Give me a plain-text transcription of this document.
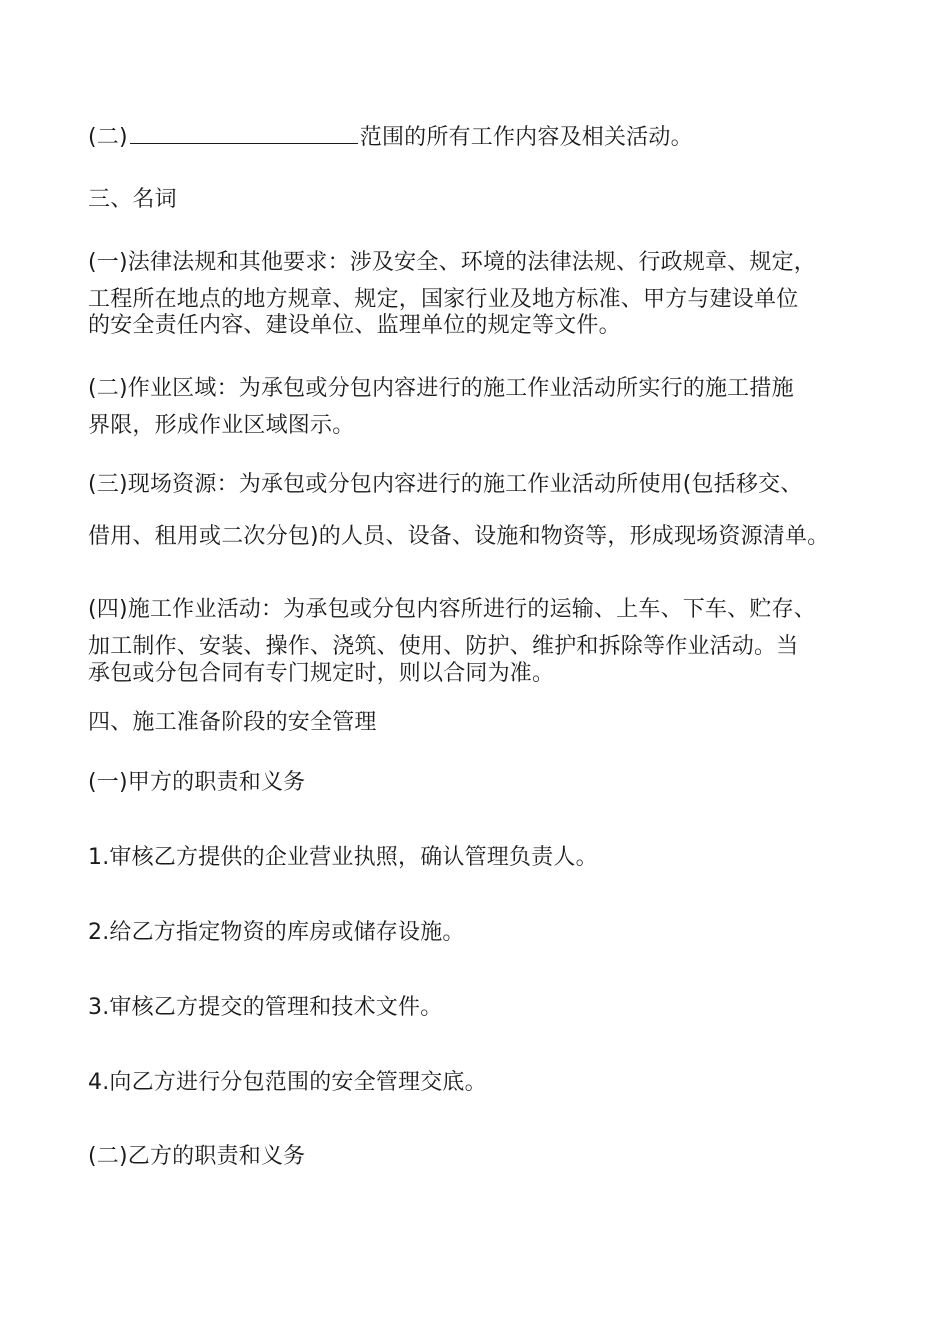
(二)	范围的所有工作内容及相关活动。

三、名词

(一)法律法规和其他要求：涉及安全、环境的法律法规、行政规章、规定，

工程所在地点的地方规章、规定，国家行业及地方标准、甲方与建设单位

的安全责任内容、建设单位、监理单位的规定等文件。

(二)作业区域：为承包或分包内容进行的施工作业活动所实行的施工措施

界限，形成作业区域图示。

(三)现场资源：为承包或分包内容进行的施工作业活动所使用(包括移交、

借用、租用或二次分包)的人员、设备、设施和物资等，形成现场资源清单。

(四)施工作业活动：为承包或分包内容所进行的运输、上车、下车、贮存、

加工制作、安装、操作、浇筑、使用、防护、维护和拆除等作业活动。当

承包或分包合同有专门规定时，则以合同为准。

四、施工准备阶段的安全管理

(一)甲方的职责和义务

1.审核乙方提供的企业营业执照，确认管理负责人。

2.给乙方指定物资的库房或储存设施。

3.审核乙方提交的管理和技术文件。

4.向乙方进行分包范围的安全管理交底。

(二)乙方的职责和义务
